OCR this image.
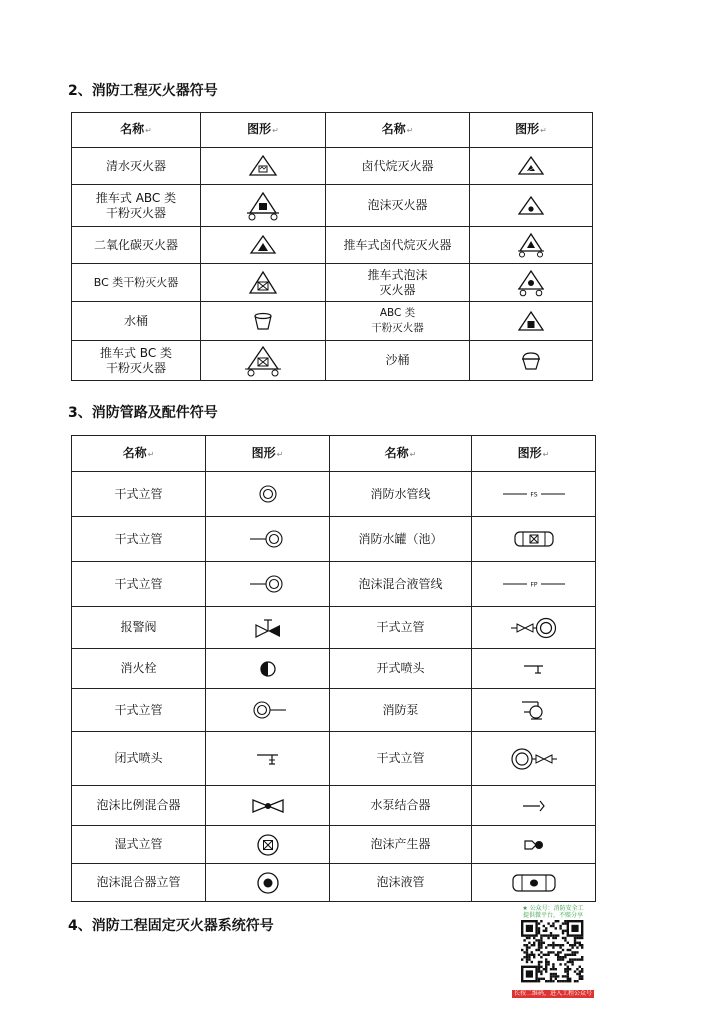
2、消防工程灭火器符号
名称 ↵	图形 ↵	名称 ↵	图形 ↵
清水灭火器		卤代烷灭火器	
推车式 ABC 类
干粉灭火器		泡沫灭火器	
二氧化碳灭火器		推车式卤代烷灭火器	
BC 类干粉灭火器		推车式泡沫
灭火器	
水桶		ABC 类
干粉灭火器	
推车式 BC 类
干粉灭火器		沙桶	
3、消防管路及配件符号
名称 ↵	图形 ↵	名称 ↵	图形 ↵
干式立管		消防水管线	FS

干式立管		消防水罐（池）	
干式立管		泡沫混合液管线	FP

报警阀		干式立管	
消火栓		开式喷头	
干式立管		消防泵	
闭式喷头		干式立管	
泡沫比例混合器		水泵结合器	
湿式立管		泡沫产生器	
泡沫混合器立管		泡沫液管	
4、消防工程固定灭火器系统符号
★ 公众号：消防安全工
提供微平台，不赔分享
长按二维码，进入工程公众号
